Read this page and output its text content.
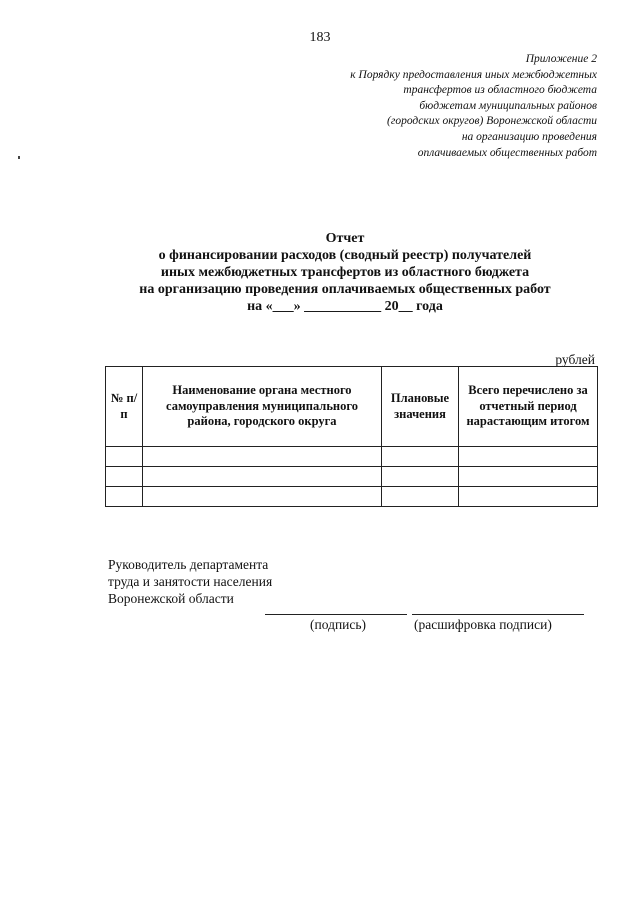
183
Приложение 2
к Порядку предоставления иных межбюджетных
трансфертов из областного бюджета
бюджетам муниципальных районов
(городских округов) Воронежской области
на организацию проведения
оплачиваемых общественных работ
Отчет
о финансировании расходов (сводный реестр) получателей
иных межбюджетных трансфертов из областного бюджета
на организацию проведения оплачиваемых общественных работ
на «___» ___________ 20__ года
рублей
№ п/п	Наименование органа местного самоуправления муниципального района, городского округа	Плановые значения	Всего перечислено за отчетный период нарастающим итогом

Руководитель департамента
труда и занятости населения
Воронежской области
(подпись)	(расшифровка подписи)
